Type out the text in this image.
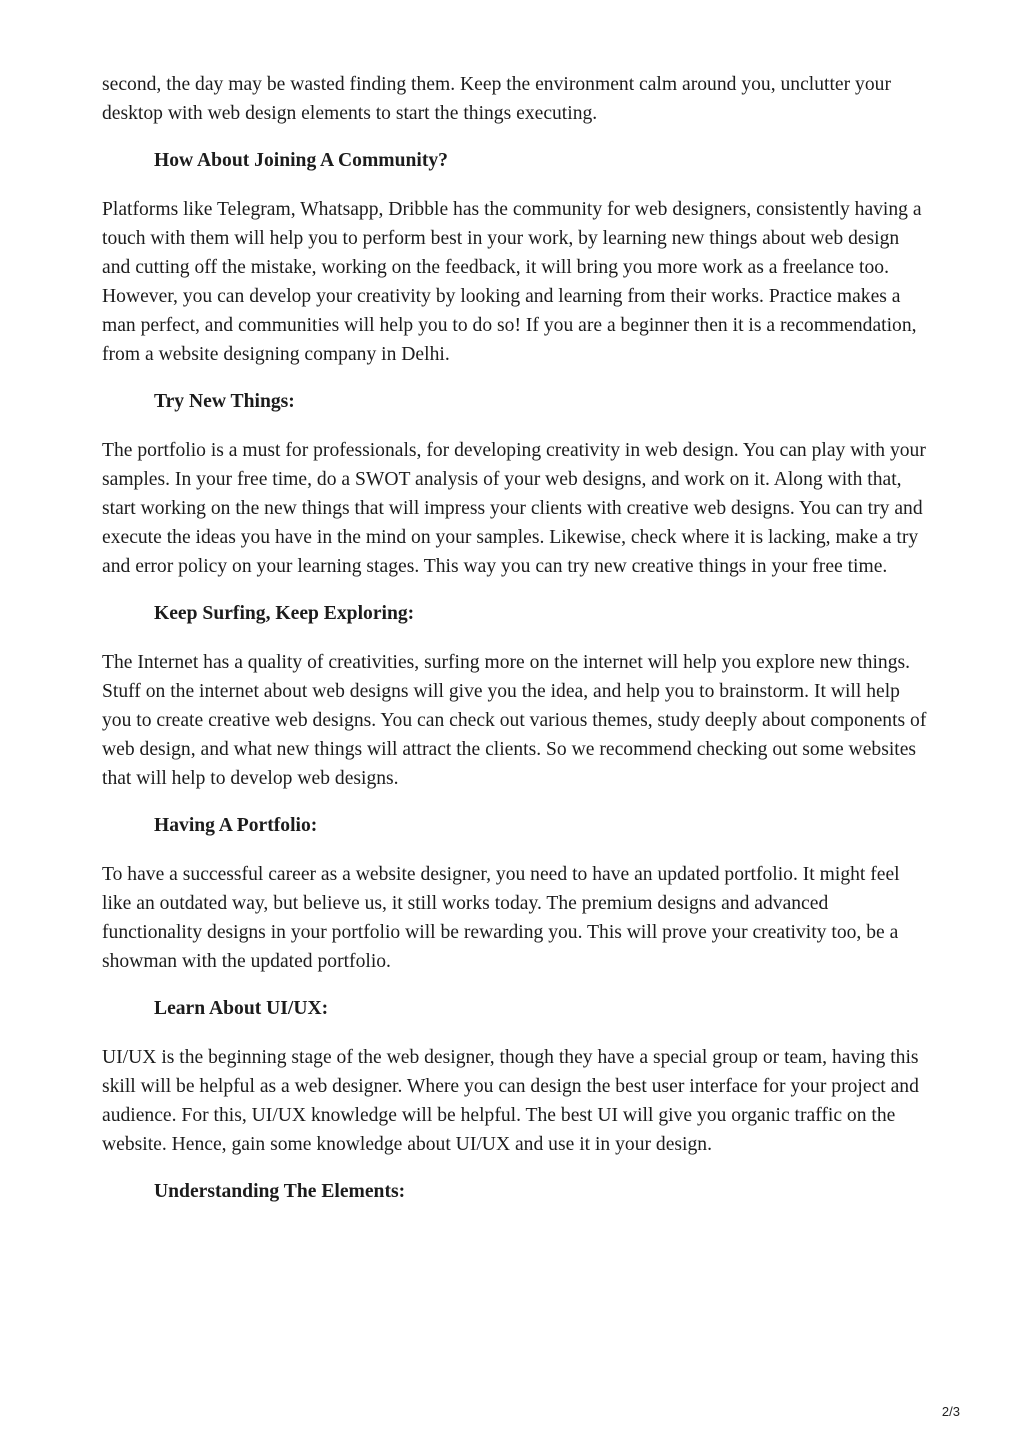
second, the day may be wasted finding them. Keep the environment calm around you, unclutter your desktop with web design elements to start the things executing.

How About Joining A Community?

Platforms like Telegram, Whatsapp, Dribble has the community for web designers, consistently having a touch with them will help you to perform best in your work, by learning new things about web design and cutting off the mistake, working on the feedback, it will bring you more work as a freelance too. However, you can develop your creativity by looking and learning from their works. Practice makes a man perfect, and communities will help you to do so! If you are a beginner then it is a recommendation, from a website designing company in Delhi.

Try New Things:

The portfolio is a must for professionals, for developing creativity in web design. You can play with your samples. In your free time, do a SWOT analysis of your web designs, and work on it. Along with that, start working on the new things that will impress your clients with creative web designs. You can try and execute the ideas you have in the mind on your samples. Likewise, check where it is lacking, make a try and error policy on your learning stages. This way you can try new creative things in your free time.

Keep Surfing, Keep Exploring:

The Internet has a quality of creativities, surfing more on the internet will help you explore new things. Stuff on the internet about web designs will give you the idea, and help you to brainstorm. It will help you to create creative web designs. You can check out various themes, study deeply about components of web design, and what new things will attract the clients. So we recommend checking out some websites that will help to develop web designs.

Having A Portfolio:

To have a successful career as a website designer, you need to have an updated portfolio. It might feel like an outdated way, but believe us, it still works today. The premium designs and advanced functionality designs in your portfolio will be rewarding you. This will prove your creativity too, be a showman with the updated portfolio.

Learn About UI/UX:

UI/UX is the beginning stage of the web designer, though they have a special group or team, having this skill will be helpful as a web designer. Where you can design the best user interface for your project and audience. For this, UI/UX knowledge will be helpful. The best UI will give you organic traffic on the website. Hence, gain some knowledge about UI/UX and use it in your design.

Understanding The Elements:

2/3
